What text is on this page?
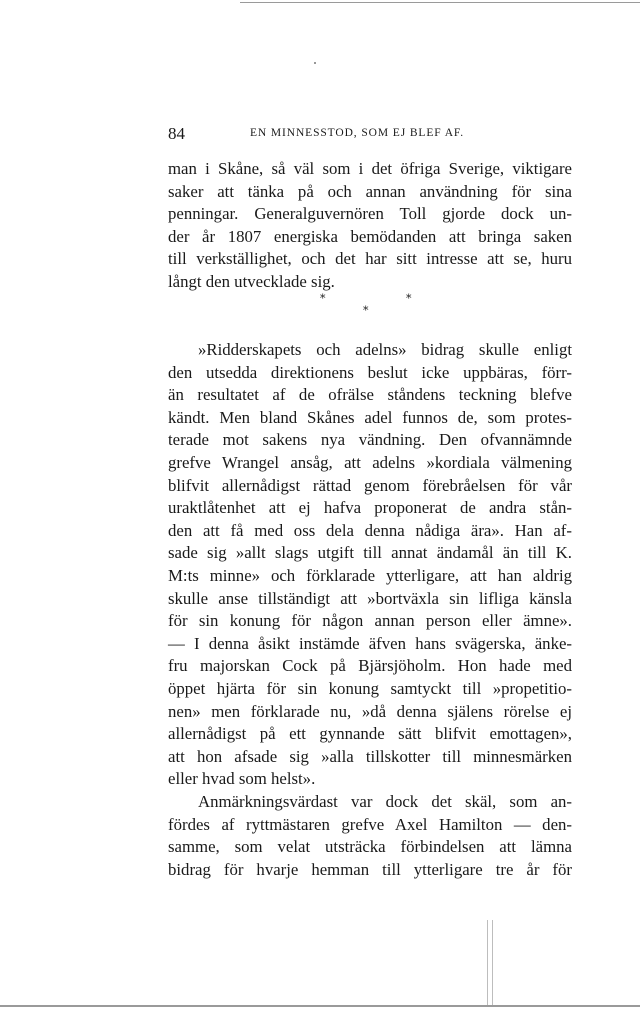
84	EN MINNESSTOD, SOM EJ BLEF AF.
man i Skåne, så väl som i det öfriga Sverige, viktigare
saker att tänka på och annan användning för sina
penningar. Generalguvernören Toll gjorde dock un-
der år 1807 energiska bemödanden att bringa saken
till verkställighet, och det har sitt intresse att se, huru
långt den utvecklade sig.
*	*
*
»Ridderskapets och adelns» bidrag skulle enligt
den utsedda direktionens beslut icke uppbäras, förr-
än resultatet af de ofrälse ståndens teckning blefve
kändt. Men bland Skånes adel funnos de, som protes-
terade mot sakens nya vändning. Den ofvannämnde
grefve Wrangel ansåg, att adelns »kordiala välmening
blifvit allernådigst rättad genom förebråelsen för vår
uraktlåtenhet att ej hafva proponerat de andra stån-
den att få med oss dela denna nådiga ära». Han af-
sade sig »allt slags utgift till annat ändamål än till K.
M:ts minne» och förklarade ytterligare, att han aldrig
skulle anse tillständigt att »bortväxla sin lifliga känsla
för sin konung för någon annan person eller ämne».
— I denna åsikt instämde äfven hans svägerska, änke-
fru majorskan Cock på Bjärsjöholm. Hon hade med
öppet hjärta för sin konung samtyckt till »propetitio-
nen» men förklarade nu, »då denna själens rörelse ej
allernådigst på ett gynnande sätt blifvit emottagen»,
att hon afsade sig »alla tillskotter till minnesmärken
eller hvad som helst».
Anmärkningsvärdast var dock det skäl, som an-
fördes af ryttmästaren grefve Axel Hamilton — den-
samme, som velat utsträcka förbindelsen att lämna
bidrag för hvarje hemman till ytterligare tre år för
